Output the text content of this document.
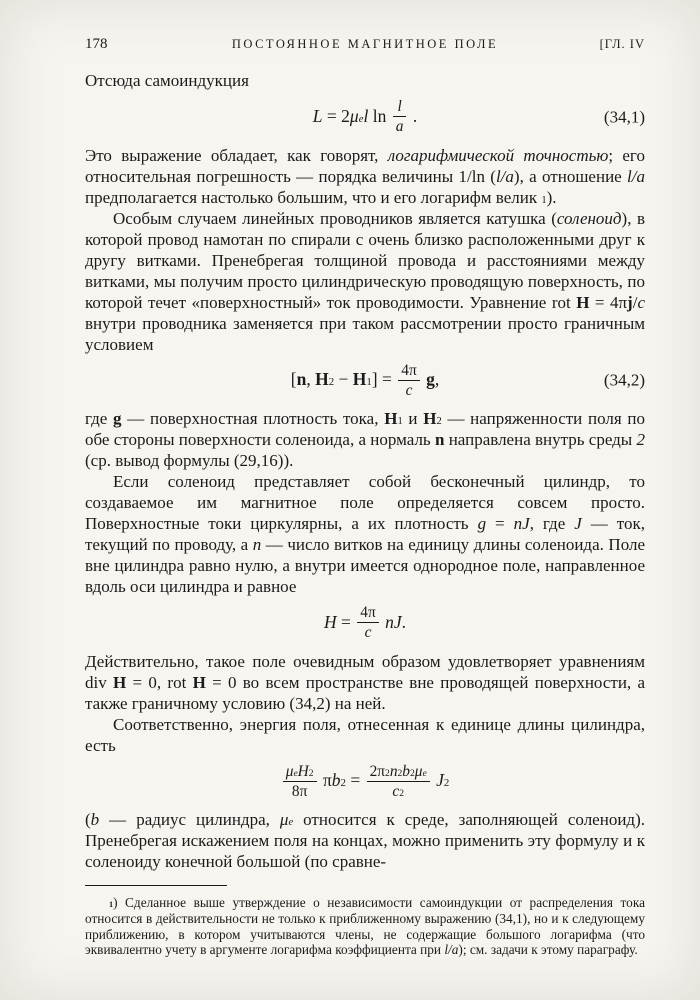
178	ПОСТОЯННОЕ МАГНИТНОЕ ПОЛЕ	[ГЛ. IV

Отсюда самоиндукция

L = 2μel $\ln \frac{l}{a}$ .	(34,1)

Это выражение обладает, как говорят, логарифмической точностью; его относительная погрешность — порядка величины 1/ln (l/a), а отношение l/a предполагается настолько большим, что и его логарифм велик $^1$).

Особым случаем линейных проводников является катушка (соленоид), в которой провод намотан по спирали с очень близко расположенными друг к другу витками. Пренебрегая толщиной провода и расстояниями между витками, мы получим просто цилиндрическую проводящую поверхность, по которой течет «поверхностный» ток проводимости. Уравнение rot H = 4πj/c внутри проводника заменяется при таком рассмотрении просто граничным условием

[n, $H2 - H1] = \frac{4\pi}{c} g$,	(34,2)

где g — поверхностная плотность тока, H1 и H2 — напряженности поля по обе стороны поверхности соленоида, а нормаль n направлена внутрь среды 2 (ср. вывод формулы (29,16)).

Если соленоид представляет собой бесконечный цилиндр, то создаваемое им магнитное поле определяется совсем просто. Поверхностные токи циркулярны, а их плотность g = nJ, где J — ток, текущий по проводу, а n — число витков на единицу длины соленоида. Поле вне цилиндра равно нулю, а внутри имеется однородное поле, направленное вдоль оси цилиндра и равное

$H = \frac{4\pi}{c}$ nJ.

Действительно, такое поле очевидным образом удовлетворяет уравнениям div H = 0, rot H = 0 во всем пространстве вне проводящей поверхности, а также граничному условию (34,2) на ней.

Соответственно, энергия поля, отнесенная к единице длины цилиндра, есть

$\frac{\mu eH^2}{8\pi} \pi b^2 = \frac{2\pi^2n^2b^2\mu e}{c^2} J^2$

(b — радиус цилиндра, μe относится к среде, заполняющей соленоид). Пренебрегая искажением поля на концах, можно применить эту формулу и к соленоиду конечной большой (по сравне-

$^1$) Сделанное выше утверждение о независимости самоиндукции от распределения тока относится в действительности не только к приближенному выражению (34,1), но и к следующему приближению, в котором учитываются члены, не содержащие большого логарифма (что эквивалентно учету в аргументе логарифма коэффициента при l/a); см. задачи к этому параграфу.
